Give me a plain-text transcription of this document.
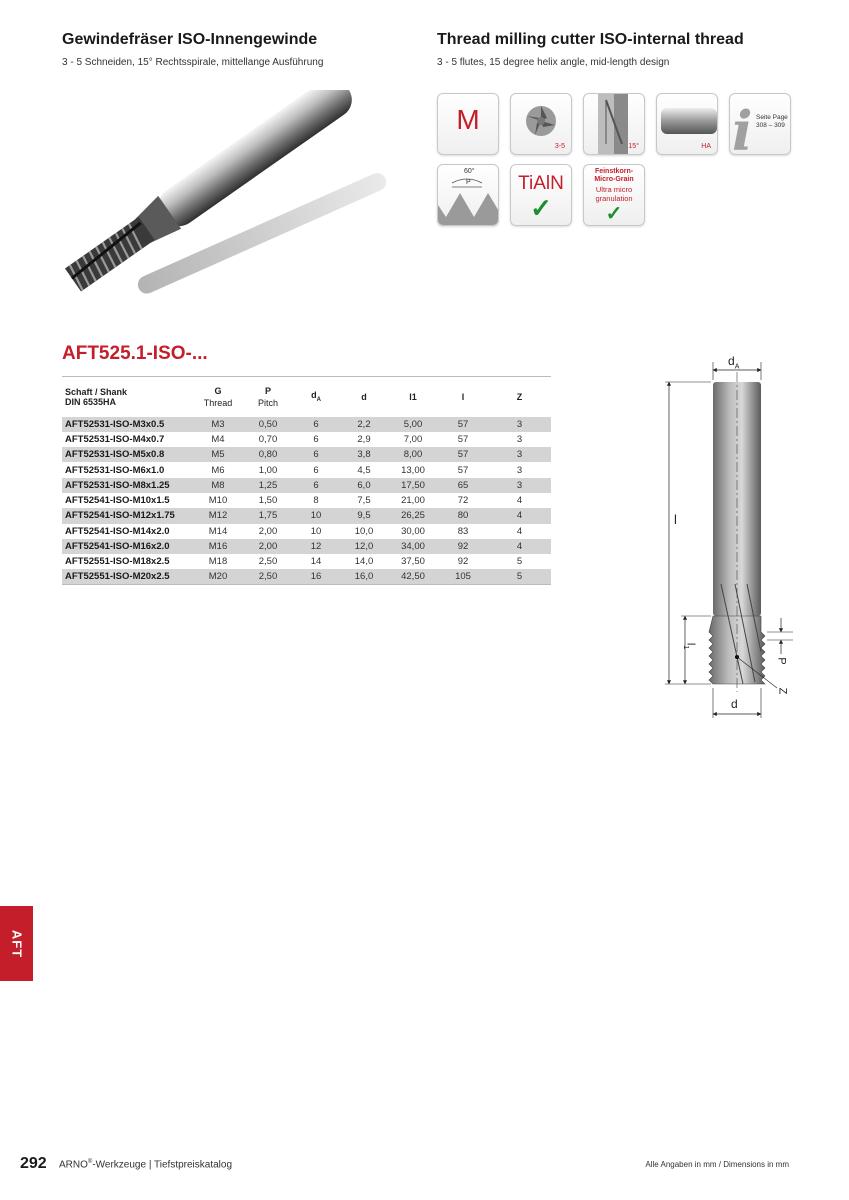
Gewindefräser ISO-Innengewinde
3 - 5 Schneiden, 15° Rechtsspirale, mittellange Ausführung
Thread milling cutter ISO-internal thread
3 - 5 flutes, 15 degree helix angle, mid-length design
M
3-5	15°	HA i Seite Page
308 – 309
60°
P	TiAlN
✓
Feinstkorn-
Micro-Grain
Ultra micro
granulation
✓
AFT525.1-ISO-...
Schaft / Shank
DIN 6535HA	G
Thread	P
Pitch	$d_A$	d	l1	l	Z
AFT52531-ISO-M3x0.5	M3	0,50	6	2,2	5,00	57	3
AFT52531-ISO-M4x0.7	M4	0,70	6	2,9	7,00	57	3
AFT52531-ISO-M5x0.8	M5	0,80	6	3,8	8,00	57	3
AFT52531-ISO-M6x1.0	M6	1,00	6	4,5	13,00	57	3
AFT52531-ISO-M8x1.25	M8	1,25	6	6,0	17,50	65	3
AFT52541-ISO-M10x1.5	M10	1,50	8	7,5	21,00	72	4
AFT52541-ISO-M12x1.75	M12	1,75	10	9,5	26,25	80	4
AFT52541-ISO-M14x2.0	M14	2,00	10	10,0	30,00	83	4
AFT52541-ISO-M16x2.0	M16	2,00	12	12,0	34,00	92	4
AFT52551-ISO-M18x2.5	M18	2,50	14	14,0	37,50	92	5
AFT52551-ISO-M20x2.5	M20	2,50	16	16,0	42,50	105	5
$d_A$
l
$l_1$
P
Z
d
AFT
292 ARNO®-Werkzeuge | Tiefstpreiskatalog	Alle Angaben in mm / Dimensions in mm
